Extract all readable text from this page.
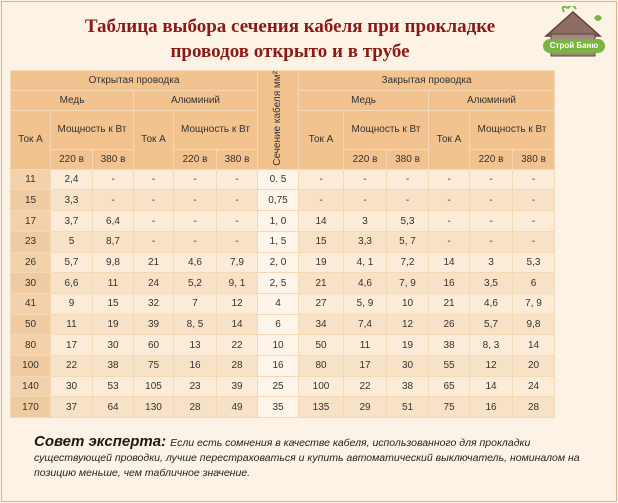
Таблица выбора сечения кабеля при прокладке
проводов открыто и в трубе	Строй Баню
Открытая проводка						Сечение кабеля мм²	Закрытая проводка					
Медь			Алюминий				Медь			Алюминий		
Ток А	Мощность к Вт		Ток А	Мощность к Вт			Ток А	Мощность к Вт		Ток А	Мощность к Вт	
	220 в	380 в		220 в	380 в			220 в	380 в		220 в	380 в
11	2,4	-	-	-	-	0. 5	-	-	-	-	-	-
15	3,3	-	-	-	-	0,75	-	-	-	-	-	-
17	3,7	6,4	-	-	-	1, 0	14	3	5,3	-	-	-
23	5	8,7	-	-	-	1, 5	15	3,3	5, 7	-	-	-
26	5,7	9,8	21	4,6	7,9	2, 0	19	4, 1	7,2	14	3	5,3
30	6,6	11	24	5,2	9, 1	2, 5	21	4,6	7, 9	16	3,5	6
41	9	15	32	7	12	4	27	5, 9	10	21	4,6	7, 9
50	11	19	39	8, 5	14	6	34	7,4	12	26	5,7	9,8
80	17	30	60	13	22	10	50	11	19	38	8, 3	14
100	22	38	75	16	28	16	80	17	30	55	12	20
140	30	53	105	23	39	25	100	22	38	65	14	24
170	37	64	130	28	49	35	135	29	51	75	16	28
Совет эксперта: Если есть сомнения в качестве кабеля, использованного для прокладки существующей проводки, лучше перестраховаться и купить автоматический выключатель, номиналом на позицию меньше, чем табличное значение.
